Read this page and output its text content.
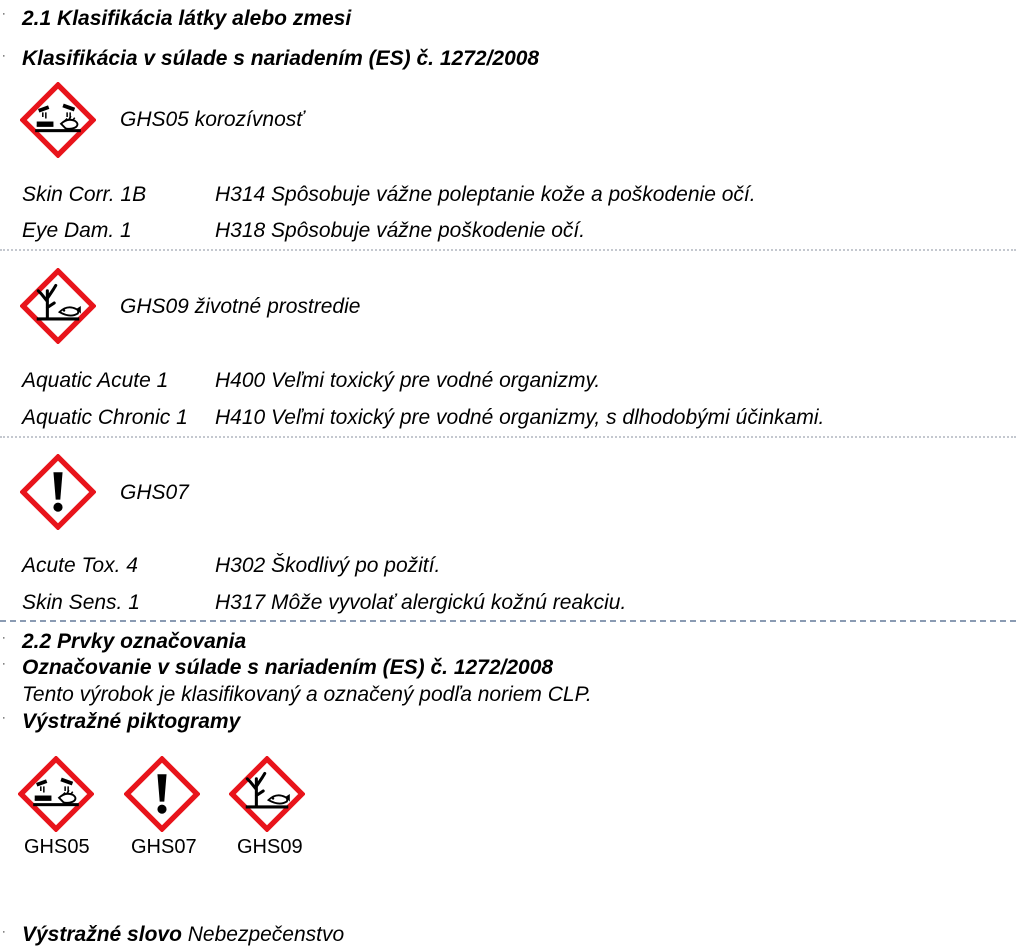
· 2.1 Klasifikácia látky alebo zmesi
· Klasifikácia v súlade s nariadením (ES) č. 1272/2008
GHS05 korozívnosť
Skin Corr. 1B	H314 Spôsobuje vážne poleptanie kože a poškodenie očí.
Eye Dam. 1	H318 Spôsobuje vážne poškodenie očí.
GHS09 životné prostredie
Aquatic Acute 1 H400 Veľmi toxický pre vodné organizmy.
Aquatic Chronic 1 H410 Veľmi toxický pre vodné organizmy, s dlhodobými účinkami.
GHS07
Acute Tox. 4	H302 Škodlivý po požití.
Skin Sens. 1	H317 Môže vyvolať alergickú kožnú reakciu.
· 2.2 Prvky označovania
· Označovanie v súlade s nariadením (ES) č. 1272/2008
Tento výrobok je klasifikovaný a označený podľa noriem CLP.
· Výstražné piktogramy
GHS05 GHS07 GHS09
· Výstražné slovo Nebezpečenstvo
